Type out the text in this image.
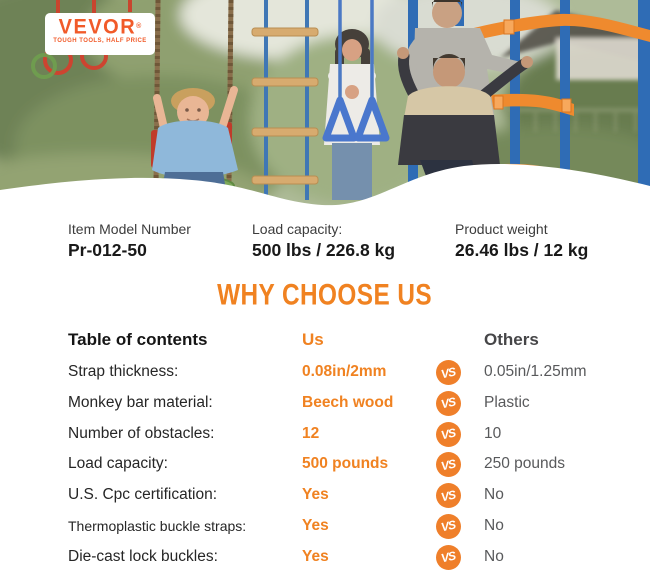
VEVOR®
TOUGH TOOLS, HALF PRICE
Item Model Number
Pr-012-50
Load capacity:
500 lbs / 226.8 kg
Product weight
26.46 lbs / 12 kg
WHY CHOOSE US
Table of contents	Us	Others
Strap thickness:	0.08in/2mm	VS 0.05in/1.25mm
Monkey bar material:	Beech wood	VS Plastic
Number of obstacles:	12	VS 10
Load capacity:	500 pounds	VS 250 pounds
U.S. Cpc certification:	Yes	VS No
Thermoplastic buckle straps:	Yes	VS No
Die-cast lock buckles:	Yes	VS No
